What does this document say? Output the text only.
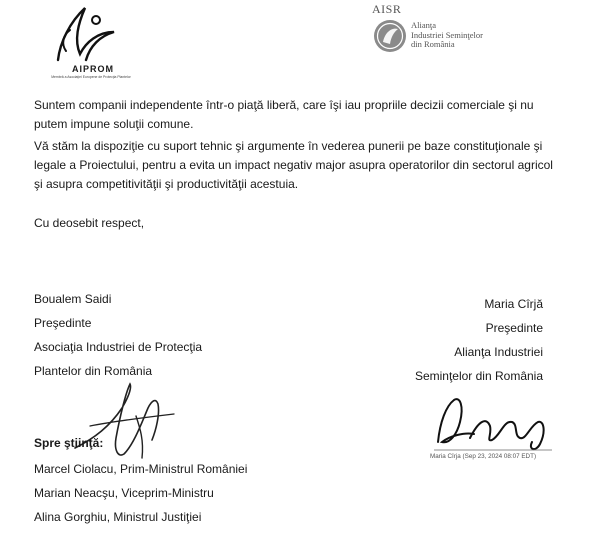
AIPROM
Membră a Asociaţiei Europene de Protecţia Plantelor
AISR
Alianţa
Industriei Seminţelor
din România
Suntem companii independente într-o piaţă liberă, care îşi iau propriile decizii comerciale şi nu
putem impune soluţii comune.
Vă stăm la dispoziţie cu suport tehnic şi argumente în vederea punerii pe baze constituţionale şi
legale a Proiectului, pentru a evita un impact negativ major asupra operatorilor din sectorul agricol
şi asupra competitivităţii şi productivităţii acestuia.
Cu deosebit respect,
Boualem Saidi
Preşedinte
Asociaţia Industriei de Protecţia
Plantelor din România
Maria Cîrjă
Preşedinte
Alianţa Industriei
Seminţelor din România
Maria Cîrja (Sep 23, 2024 08:07 EDT)
Spre ştiinţă:
Marcel Ciolacu, Prim-Ministrul României
Marian Neacşu, Viceprim-Ministru
Alina Gorghiu, Ministrul Justiţiei
